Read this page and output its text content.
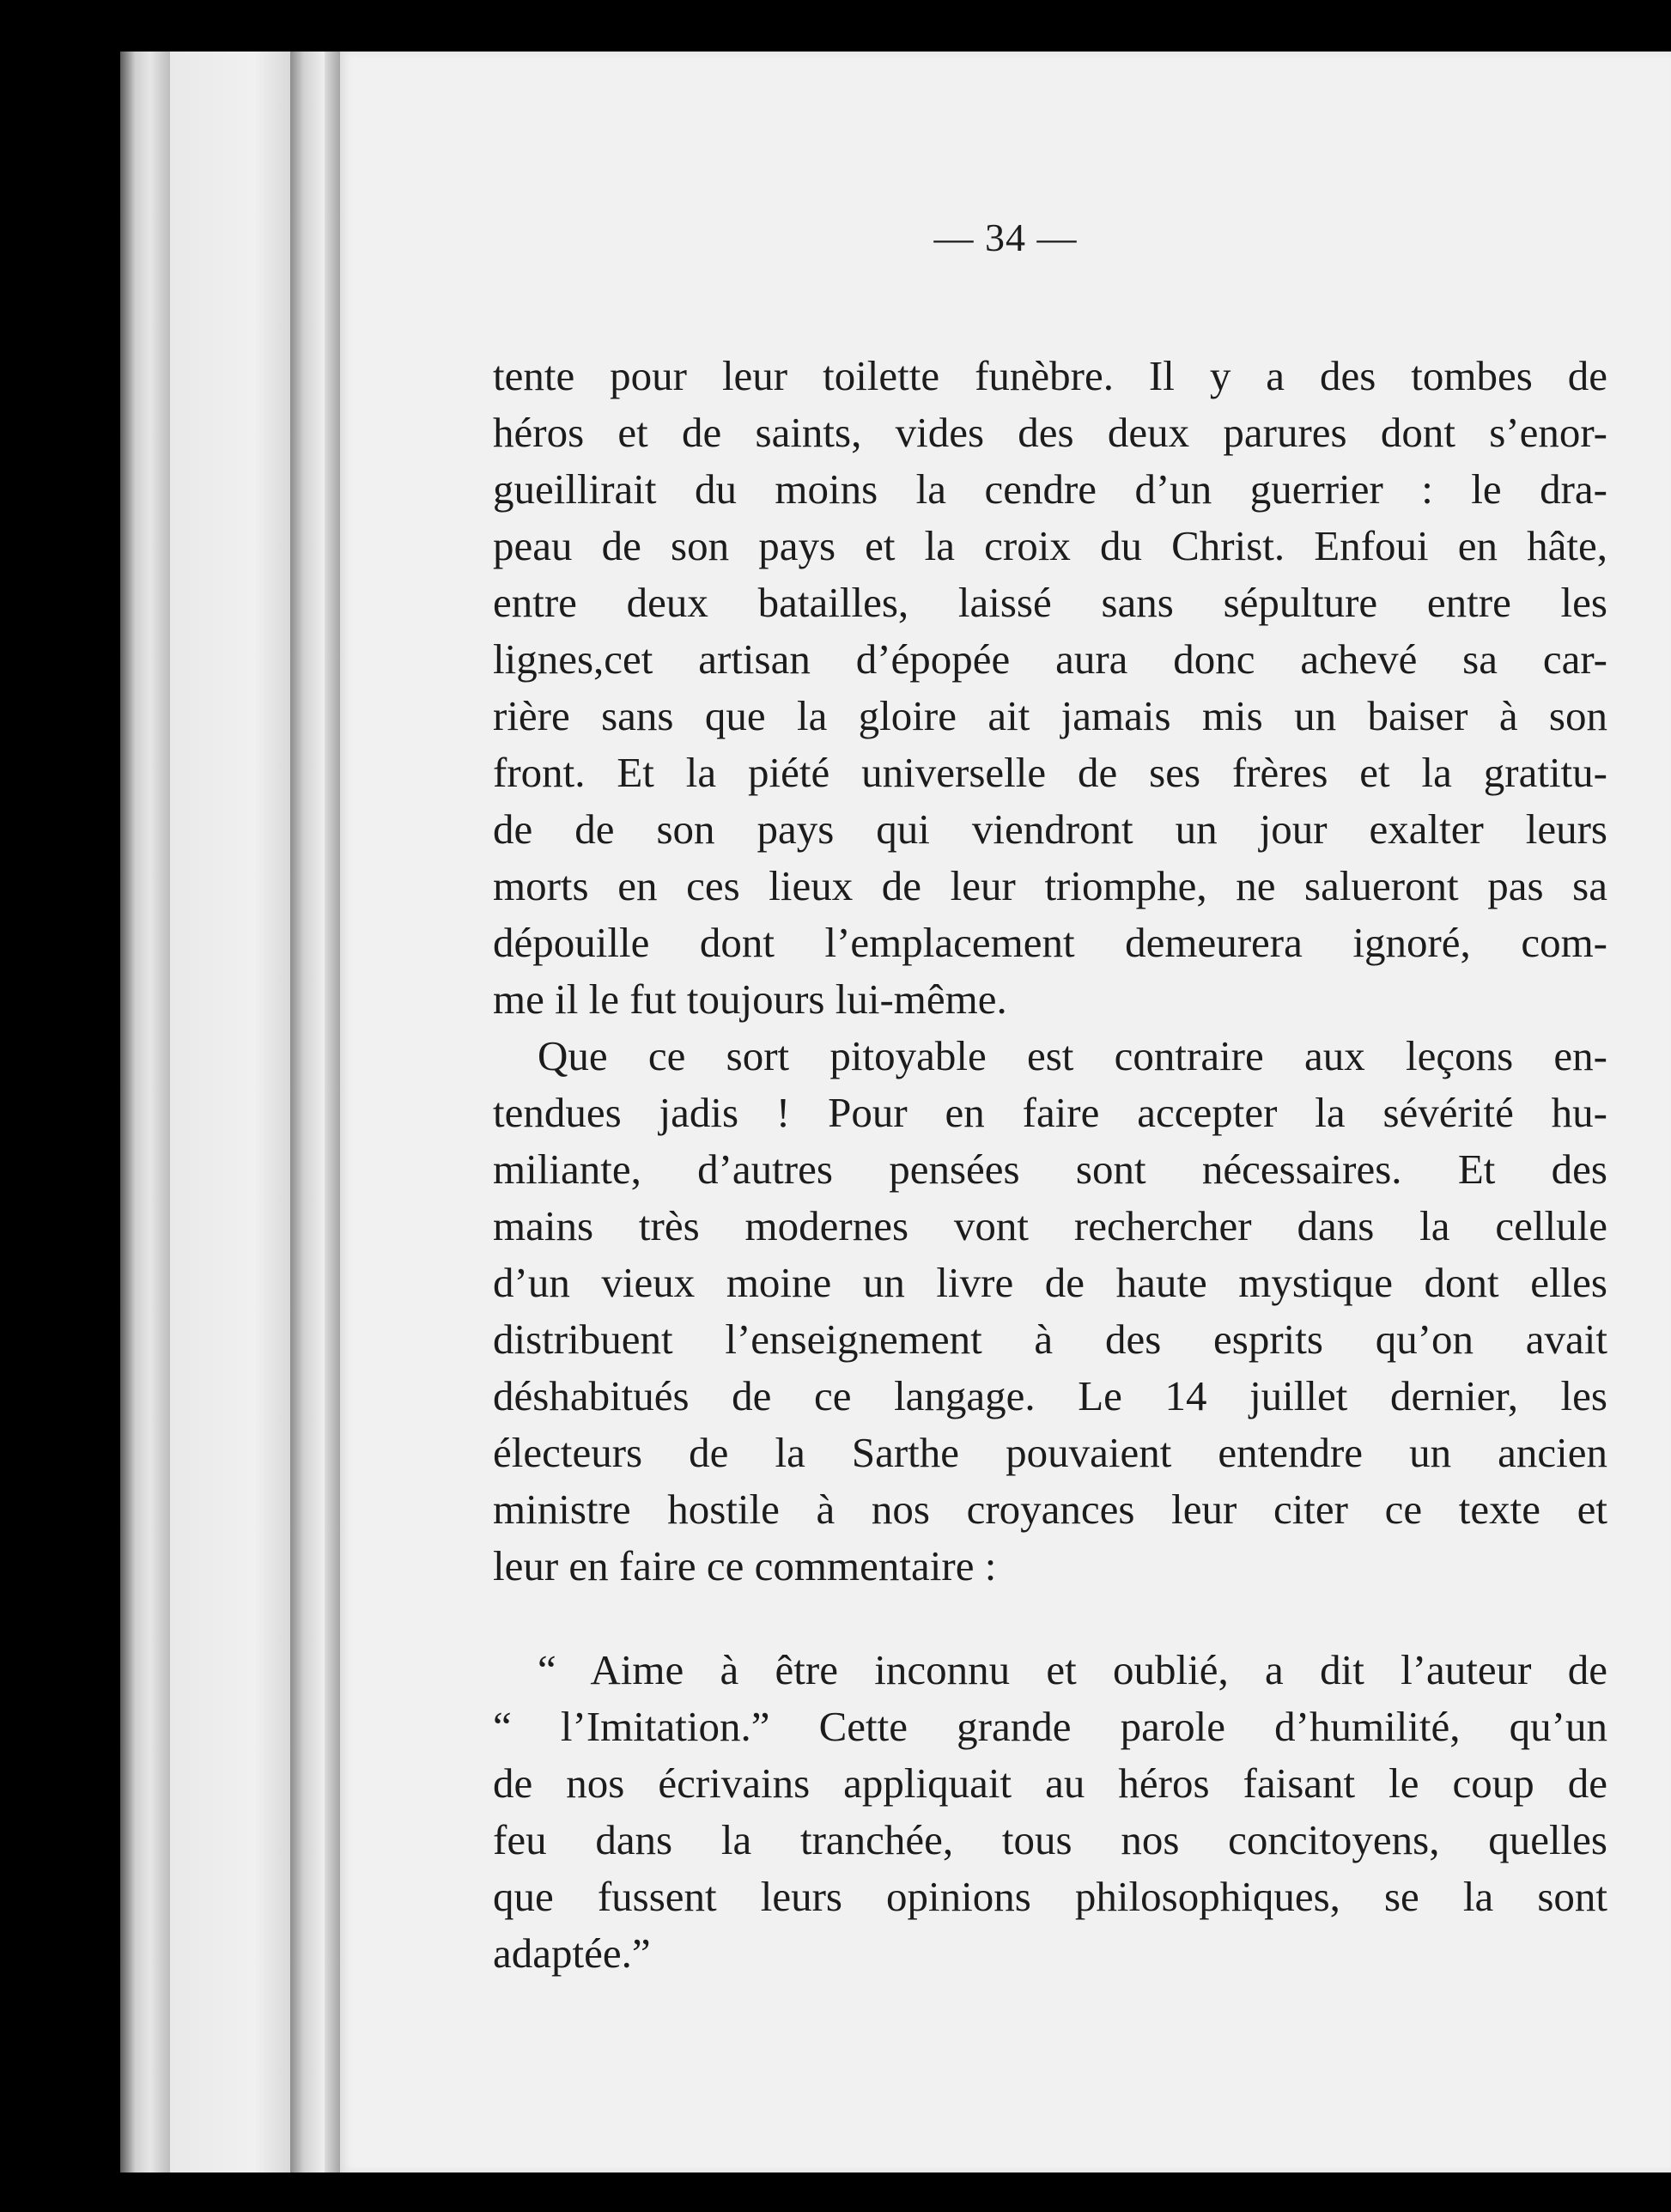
— 34 —
tente pour leur toilette funèbre. Il y a des tombes de
héros et de saints, vides des deux parures dont s’enor-
gueillirait du moins la cendre d’un guerrier : le dra-
peau de son pays et la croix du Christ. Enfoui en hâte,
entre deux batailles, laissé sans sépulture entre les
lignes,cet artisan d’épopée aura donc achevé sa car-
rière sans que la gloire ait jamais mis un baiser à son
front. Et la piété universelle de ses frères et la gratitu-
de de son pays qui viendront un jour exalter leurs
morts en ces lieux de leur triomphe, ne salueront pas sa
dépouille dont l’emplacement demeurera ignoré, com-
me il le fut toujours lui-même.
Que ce sort pitoyable est contraire aux leçons en-
tendues jadis ! Pour en faire accepter la sévérité hu-
miliante, d’autres pensées sont nécessaires. Et des
mains très modernes vont rechercher dans la cellule
d’un vieux moine un livre de haute mystique dont elles
distribuent l’enseignement à des esprits qu’on avait
déshabitués de ce langage. Le 14 juillet dernier, les
électeurs de la Sarthe pouvaient entendre un ancien
ministre hostile à nos croyances leur citer ce texte et
leur en faire ce commentaire :
“ Aime à être inconnu et oublié, a dit l’auteur de
“ l’Imitation.” Cette grande parole d’humilité, qu’un
de nos écrivains appliquait au héros faisant le coup de
feu dans la tranchée, tous nos concitoyens, quelles
que fussent leurs opinions philosophiques, se la sont
adaptée.”
